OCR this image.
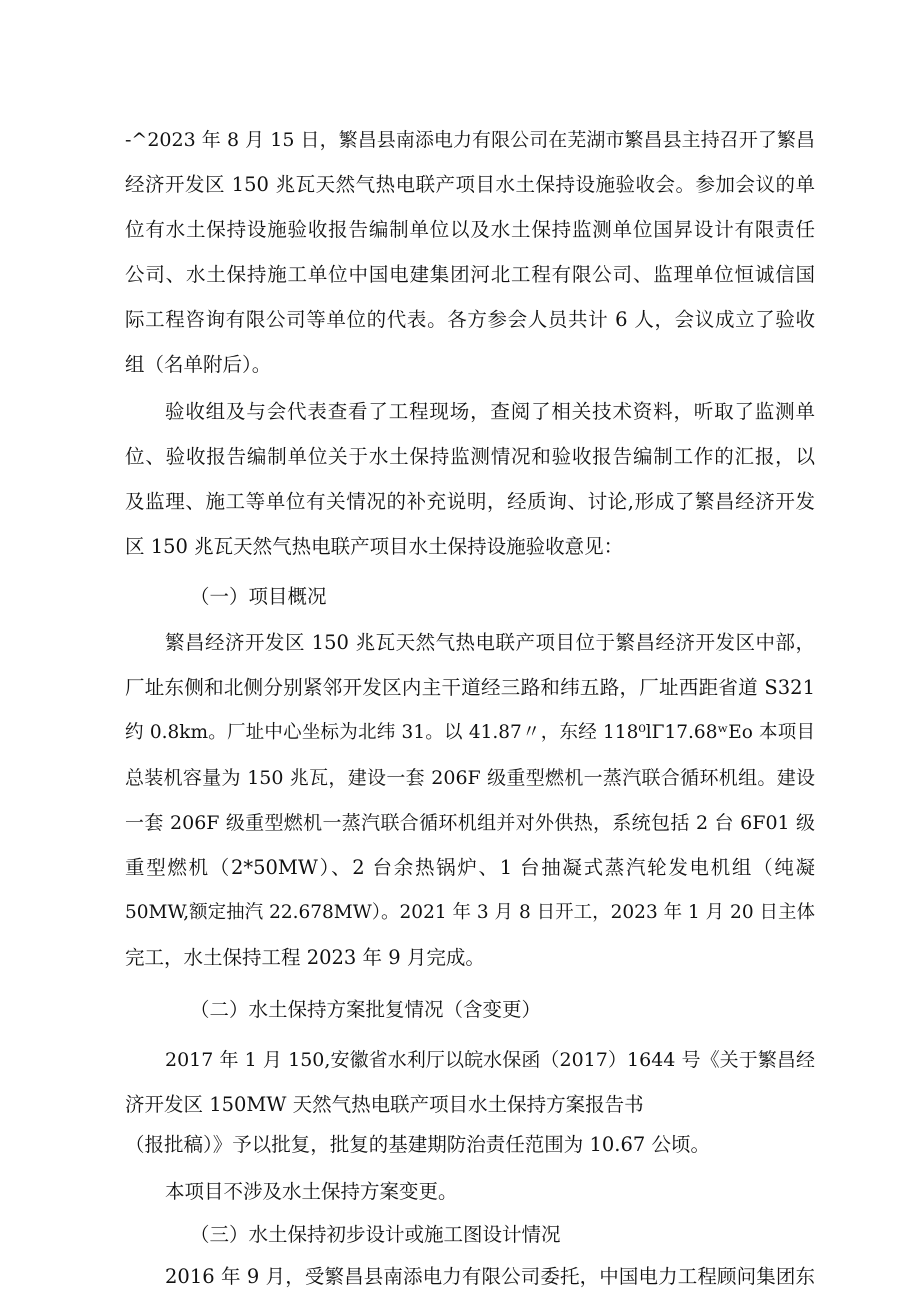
-^2023 年 8 月 15 日，繁昌县南添电力有限公司在芜湖市繁昌县主持召开了繁昌
经济开发区 150 兆瓦天然气热电联产项目水土保持设施验收会。参加会议的单
位有水土保持设施验收报告编制单位以及水土保持监测单位国昇设计有限责任
公司、水土保持施工单位中国电建集团河北工程有限公司、监理单位恒诚信国
际工程咨询有限公司等单位的代表。各方参会人员共计 6 人，会议成立了验收
组（名单附后）。
验收组及与会代表查看了工程现场，查阅了相关技术资料，听取了监测单
位、验收报告编制单位关于水土保持监测情况和验收报告编制工作的汇报，以
及监理、施工等单位有关情况的补充说明，经质询、讨论,形成了繁昌经济开发
区 150 兆瓦天然气热电联产项目水土保持设施验收意见：
（一）项目概况
繁昌经济开发区 150 兆瓦天然气热电联产项目位于繁昌经济开发区中部，
厂址东侧和北侧分别紧邻开发区内主干道经三路和纬五路，厂址西距省道 S321
约 0.8km。厂址中心坐标为北纬 31。以 41.87〃，东经 118⁰lΓ17.68ʷEo 本项目
总装机容量为 150 兆瓦，建设一套 206F 级重型燃机一蒸汽联合循环机组。建设
一套 206F 级重型燃机一蒸汽联合循环机组并对外供热，系统包括 2 台 6F01 级
重型燃机（2*50MW）、2 台余热锅炉、1 台抽凝式蒸汽轮发电机组（纯凝
50MW,额定抽汽 22.678MW）。2021 年 3 月 8 日开工，2023 年 1 月 20 日主体
完工，水土保持工程 2023 年 9 月完成。
（二）水土保持方案批复情况（含变更）
2017 年 1 月 150,安徽省水利厅以皖水保函（2017）1644 号《关于繁昌经
济开发区 150MW 天然气热电联产项目水土保持方案报告书
（报批稿）》予以批复，批复的基建期防治责任范围为 10.67 公顷。
本项目不涉及水土保持方案变更。
（三）水土保持初步设计或施工图设计情况
2016 年 9 月，受繁昌县南添电力有限公司委托，中国电力工程顾问集团东
